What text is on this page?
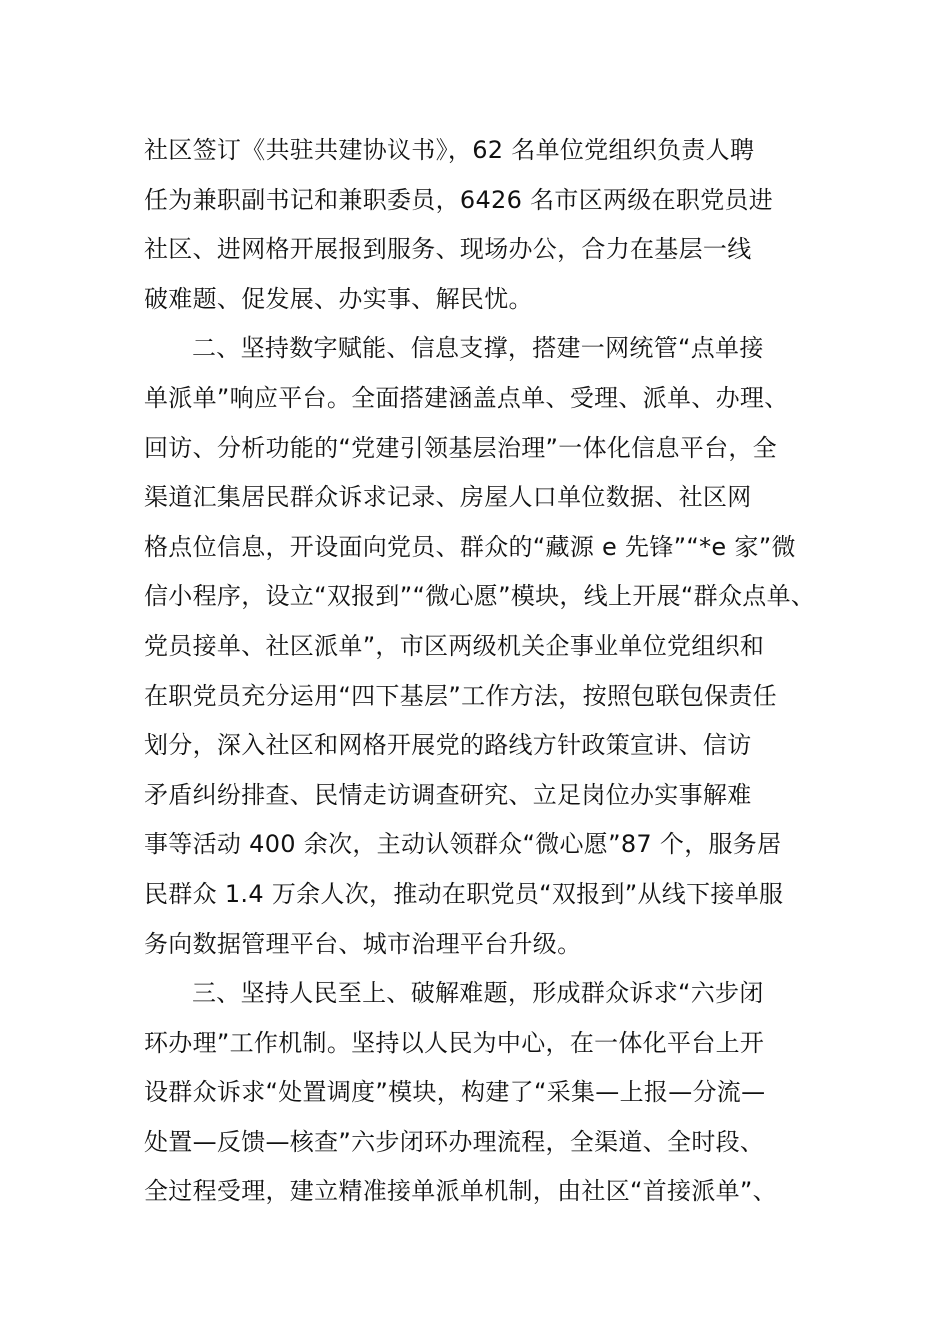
社区签订《共驻共建协议书》，62 名单位党组织负责人聘
任为兼职副书记和兼职委员，6426 名市区两级在职党员进
社区、进网格开展报到服务、现场办公，合力在基层一线
破难题、促发展、办实事、解民忧。
二、坚持数字赋能、信息支撑，搭建一网统管“点单接
单派单”响应平台。全面搭建涵盖点单、受理、派单、办理、
回访、分析功能的“党建引领基层治理”一体化信息平台，全
渠道汇集居民群众诉求记录、房屋人口单位数据、社区网
格点位信息，开设面向党员、群众的“藏源 e 先锋”“*e 家”微
信小程序，设立“双报到”“微心愿”模块，线上开展“群众点单、
党员接单、社区派单”，市区两级机关企事业单位党组织和
在职党员充分运用“四下基层”工作方法，按照包联包保责任
划分，深入社区和网格开展党的路线方针政策宣讲、信访
矛盾纠纷排查、民情走访调查研究、立足岗位办实事解难
事等活动 400 余次，主动认领群众“微心愿”87 个，服务居
民群众 1.4 万余人次，推动在职党员“双报到”从线下接单服
务向数据管理平台、城市治理平台升级。
三、坚持人民至上、破解难题，形成群众诉求“六步闭
环办理”工作机制。坚持以人民为中心，在一体化平台上开
设群众诉求“处置调度”模块，构建了“采集—上报—分流—
处置—反馈—核查”六步闭环办理流程，全渠道、全时段、
全过程受理，建立精准接单派单机制，由社区“首接派单”、
